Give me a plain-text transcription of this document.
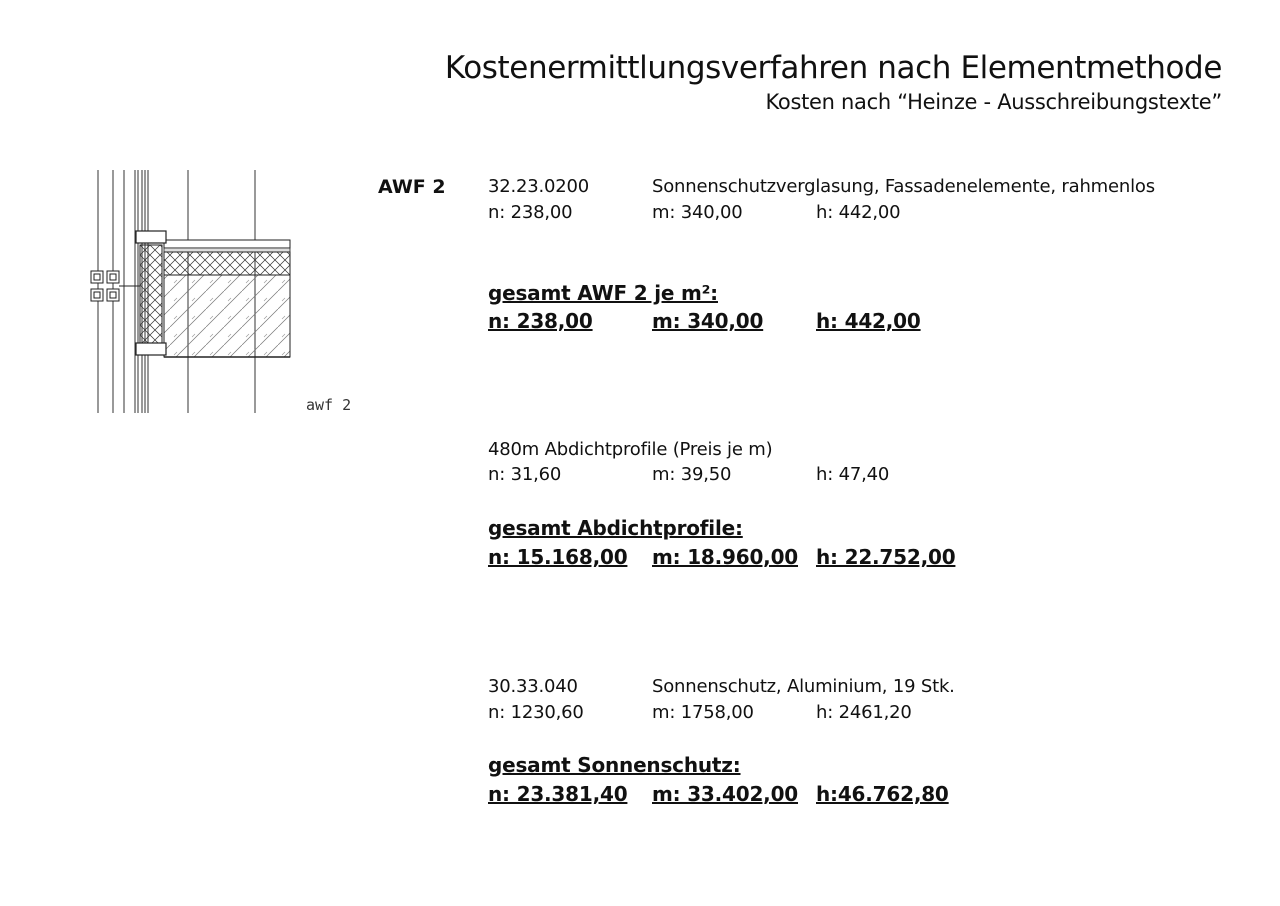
Kostenermittlungsverfahren nach Elementmethode
Kosten nach “Heinze - Ausschreibungstexte”
awf 2
AWF 2 32.23.0200	Sonnenschutzverglasung, Fassadenelemente, rahmenlos
n: 238,00	m: 340,00	h: 442,00
gesamt AWF 2 je m²:
n: 238,00	m: 340,00	h: 442,00
480m Abdichtprofile (Preis je m)
n: 31,60	m: 39,50	h: 47,40
gesamt Abdichtprofile:
n: 15.168,00 m: 18.960,00 h: 22.752,00
30.33.040	Sonnenschutz, Aluminium, 19 Stk.
n: 1230,60	m: 1758,00	h: 2461,20
gesamt Sonnenschutz:
n: 23.381,40 m: 33.402,00 h:46.762,80
